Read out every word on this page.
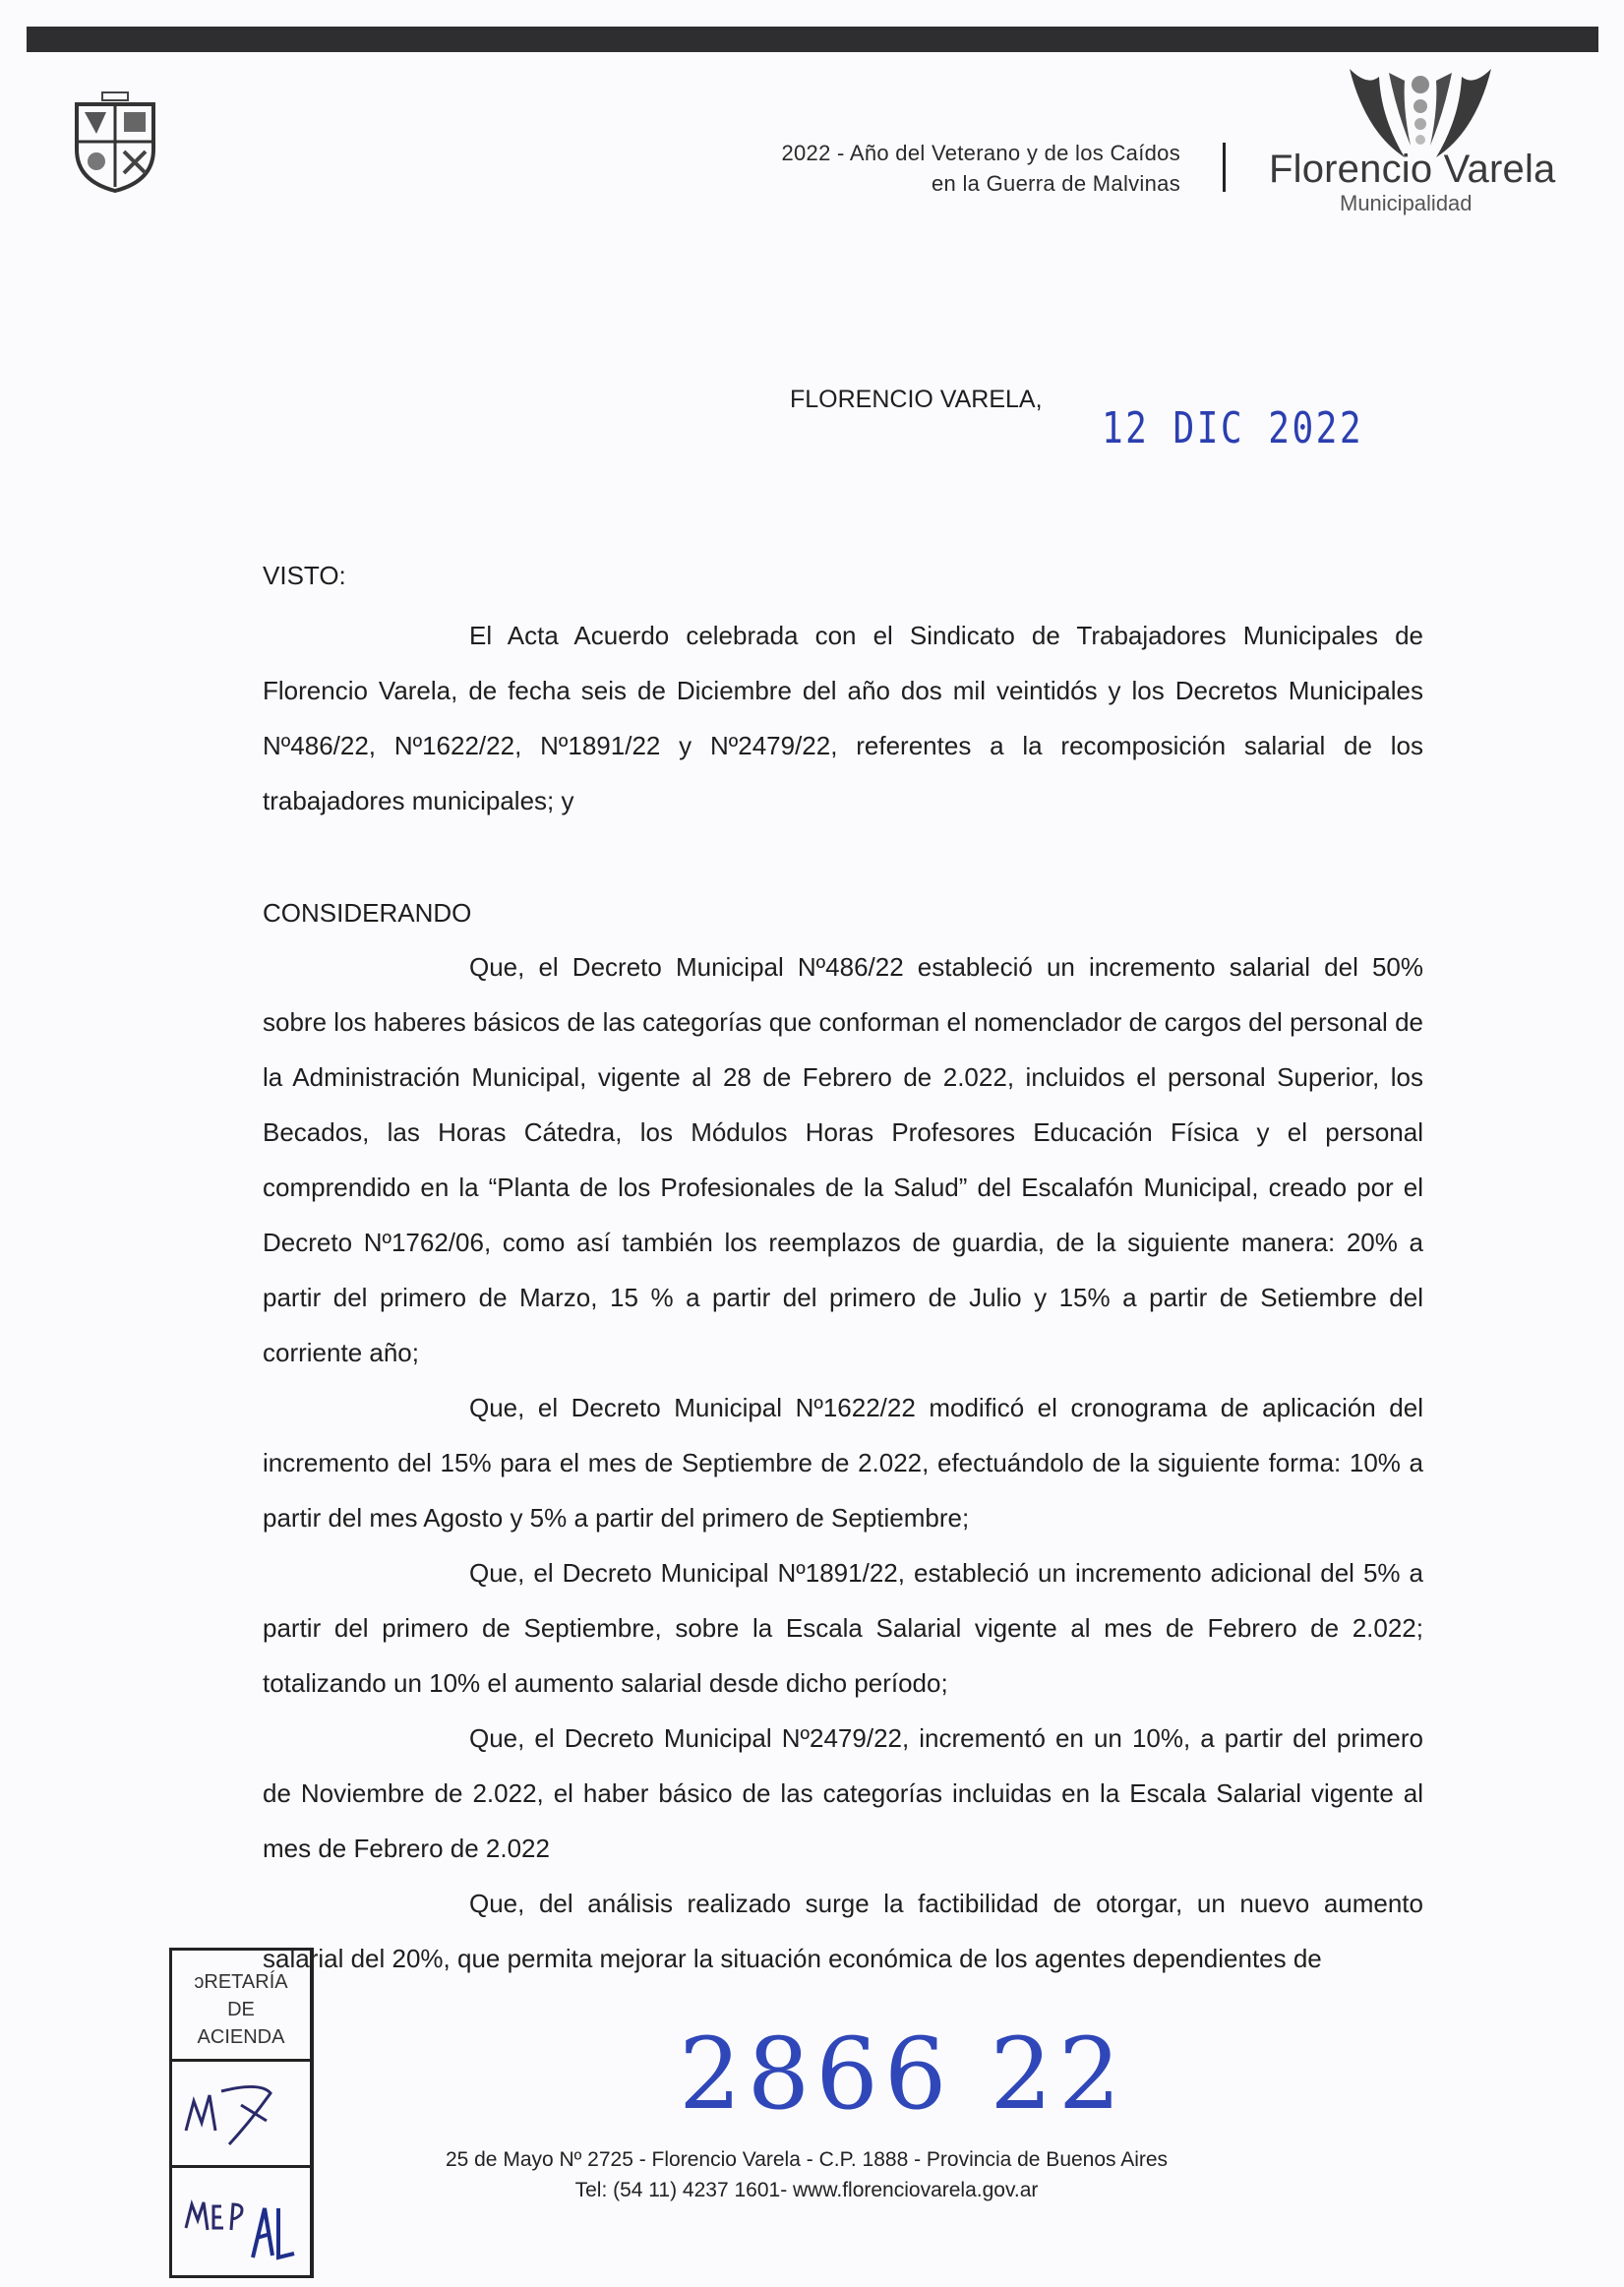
2022 - Año del Veterano y de los Caídos
en la Guerra de Malvinas Florencio Varela
Municipalidad
FLORENCIO VARELA,
12 DIC 2022
VISTO:

El Acta Acuerdo celebrada con el Sindicato de Trabajadores Municipales de Florencio Varela, de fecha seis de Diciembre del año dos mil veintidós y los Decretos Municipales Nº486/22, Nº1622/22, Nº1891/22 y Nº2479/22, referentes a la recomposición salarial de los trabajadores municipales; y

CONSIDERANDO

Que, el Decreto Municipal Nº486/22 estableció un incremento salarial del 50% sobre los haberes básicos de las categorías que conforman el nomenclador de cargos del personal de la Administración Municipal, vigente al 28 de Febrero de 2.022, incluidos el personal Superior, los Becados, las Horas Cátedra, los Módulos Horas Profesores Educación Física y el personal comprendido en la “Planta de los Profesionales de la Salud” del Escalafón Municipal, creado por el Decreto Nº1762/06, como así también los reemplazos de guardia, de la siguiente manera: 20% a partir del primero de Marzo, 15 % a partir del primero de Julio y 15% a partir de Setiembre del corriente año;

Que, el Decreto Municipal Nº1622/22 modificó el cronograma de aplicación del incremento del 15% para el mes de Septiembre de 2.022, efectuándolo de la siguiente forma: 10% a partir del mes Agosto y 5% a partir del primero de Septiembre;

Que, el Decreto Municipal Nº1891/22, estableció un incremento adicional del 5% a partir del primero de Septiembre, sobre la Escala Salarial vigente al mes de Febrero de 2.022; totalizando un 10% el aumento salarial desde dicho período;

Que, el Decreto Municipal Nº2479/22, incrementó en un 10%, a partir del primero de Noviembre de 2.022, el haber básico de las categorías incluidas en la Escala Salarial vigente al mes de Febrero de 2.022

Que, del análisis realizado surge la factibilidad de otorgar, un nuevo aumento salarial del 20%, que permita mejorar la situación económica de los agentes dependientes de

ɔRETARÍA
DE
ACIENDA	2866 22
25 de Mayo Nº 2725 - Florencio Varela - C.P. 1888 - Provincia de Buenos Aires
Tel: (54 11) 4237 1601- www.florenciovarela.gov.ar
